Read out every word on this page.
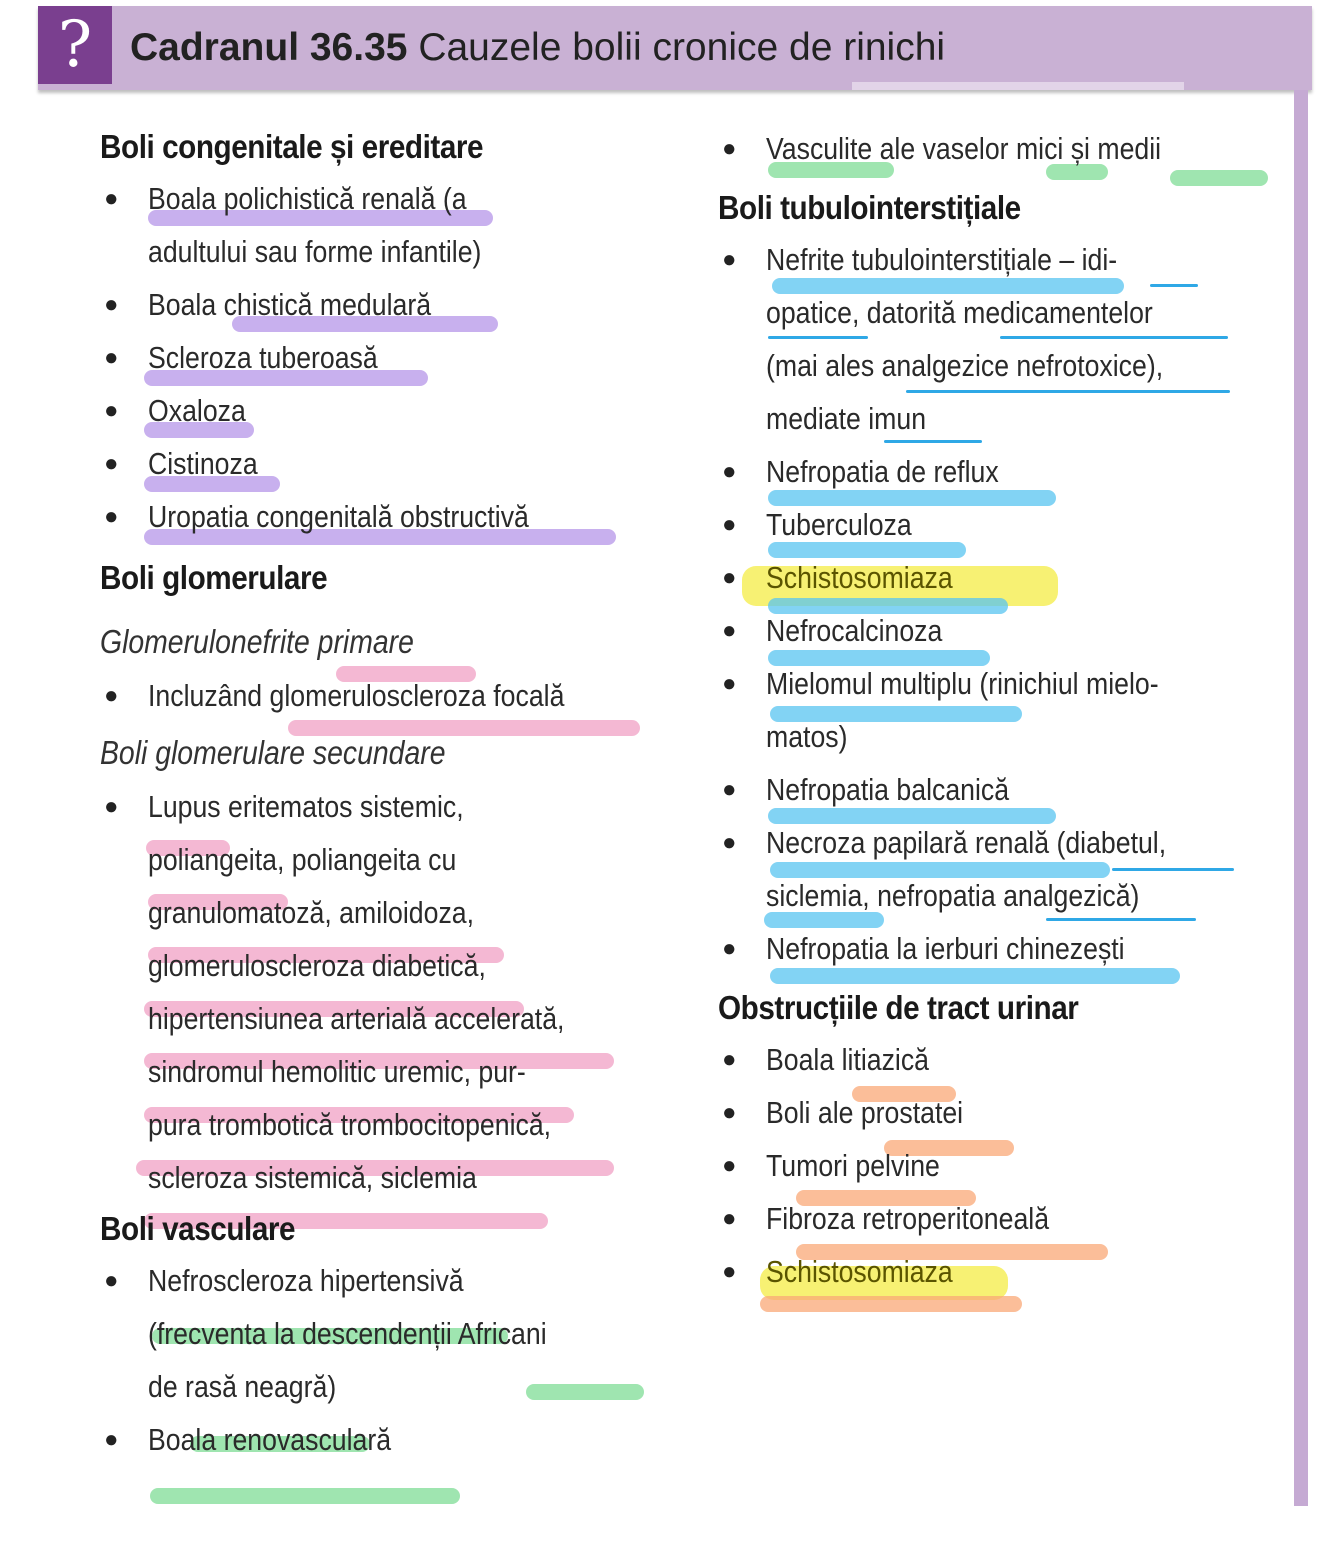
? Cadranul 36.35 Cauzele bolii cronice de rinichi
Boli congenitale și ereditare
● Boala polichistică renală (a
adultului sau forme infantile)
● Boala chistică medulară
● Scleroza tuberoasă
● Oxaloza
● Cistinoza
● Uropatia congenitală obstructivă
Boli glomerulare
Glomerulonefrite primare
● Incluzând glomeruloscleroza focală
Boli glomerulare secundare
● Lupus eritematos sistemic,
poliangeita, poliangeita cu
granulomatoză, amiloidoza,
glomeruloscleroza diabetică,
hipertensiunea arterială accelerată,
sindromul hemolitic uremic, pur-
pura trombotică trombocitopenică,
scleroza sistemică, siclemia
Boli vasculare
● Nefroscleroza hipertensivă
(frecventa la descendenții Africani
de rasă neagră)
● Boala renovasculară
● Vasculite ale vaselor mici și medii
Boli tubulointerstițiale
● Nefrite tubulointerstițiale – idi-
opatice, datorită medicamentelor
(mai ales analgezice nefrotoxice),
mediate imun
● Nefropatia de reflux
● Tuberculoza
● Schistosomiaza
● Nefrocalcinoza
● Mielomul multiplu (rinichiul mielo-
matos)
● Nefropatia balcanică
● Necroza papilară renală (diabetul,
siclemia, nefropatia analgezică)
● Nefropatia la ierburi chinezești
Obstrucțiile de tract urinar
● Boala litiazică
● Boli ale prostatei
● Tumori pelvine
● Fibroza retroperitoneală
● Schistosomiaza
